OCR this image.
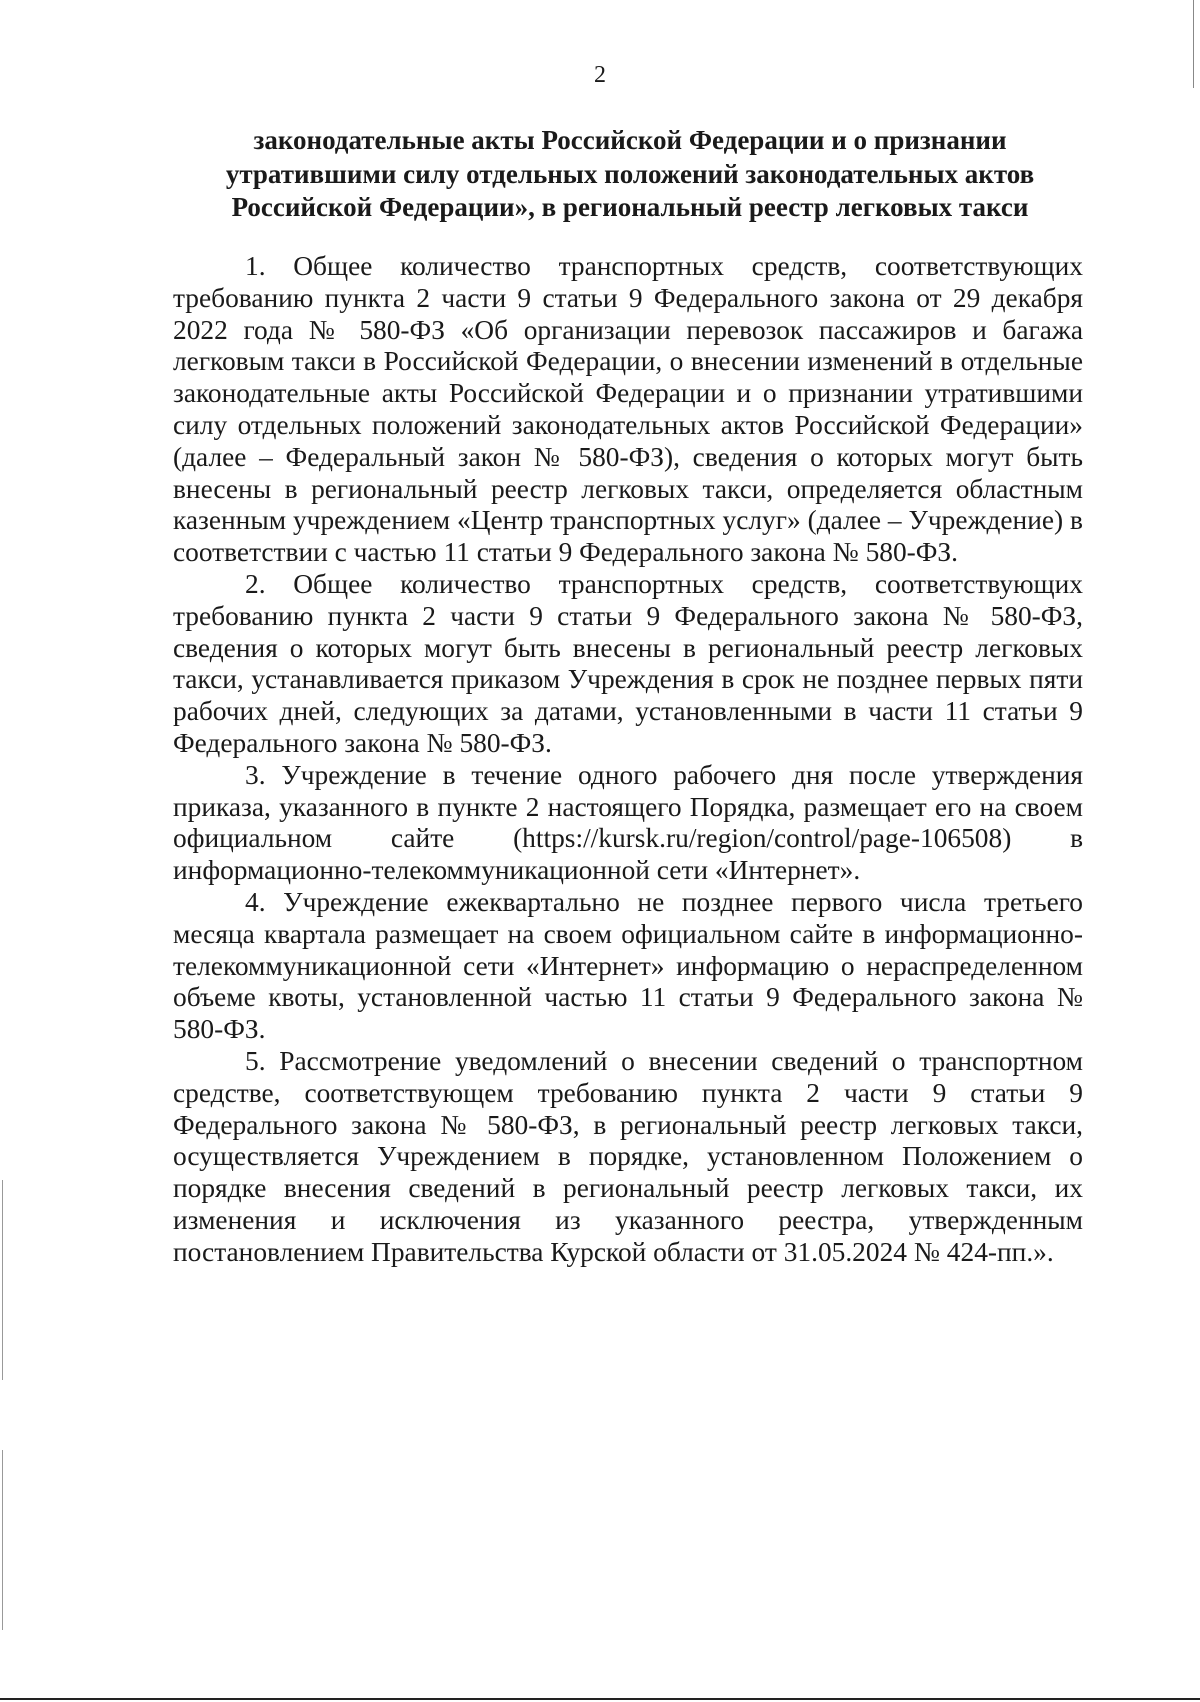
2
законодательные акты Российской Федерации и о признании
утратившими силу отдельных положений законодательных актов
Российской Федерации», в региональный реестр легковых такси

1. Общее количество транспортных средств, соответствующих требованию пункта 2 части 9 статьи 9 Федерального закона от 29 декабря 2022 года № 580-ФЗ «Об организации перевозок пассажиров и багажа легковым такси в Российской Федерации, о внесении изменений в отдельные законодательные акты Российской Федерации и о признании утратившими силу отдельных положений законодательных актов Российской Федерации» (далее – Федеральный закон № 580-ФЗ), сведения о которых могут быть внесены в региональный реестр легковых такси, определяется областным казенным учреждением «Центр транспортных услуг» (далее – Учреждение) в соответствии с частью 11 статьи 9 Федерального закона № 580-ФЗ.

2. Общее количество транспортных средств, соответствующих требованию пункта 2 части 9 статьи 9 Федерального закона № 580-ФЗ, сведения о которых могут быть внесены в региональный реестр легковых такси, устанавливается приказом Учреждения в срок не позднее первых пяти рабочих дней, следующих за датами, установленными в части 11 статьи 9 Федерального закона № 580-ФЗ.

3. Учреждение в течение одного рабочего дня после утверждения приказа, указанного в пункте 2 настоящего Порядка, размещает его на своем официальном сайте (https://kursk.ru/region/control/page-106508) в информационно-телекоммуникационной сети «Интернет».

4. Учреждение ежеквартально не позднее первого числа третьего месяца квартала размещает на своем официальном сайте в информационно-телекоммуникационной сети «Интернет» информацию о нераспределенном объеме квоты, установленной частью 11 статьи 9 Федерального закона № 580-ФЗ.

5. Рассмотрение уведомлений о внесении сведений о транспортном средстве, соответствующем требованию пункта 2 части 9 статьи 9 Федерального закона № 580-ФЗ, в региональный реестр легковых такси, осуществляется Учреждением в порядке, установленном Положением о порядке внесения сведений в региональный реестр легковых такси, их изменения и исключения из указанного реестра, утвержденным постановлением Правительства Курской области от 31.05.2024 № 424-пп.».
